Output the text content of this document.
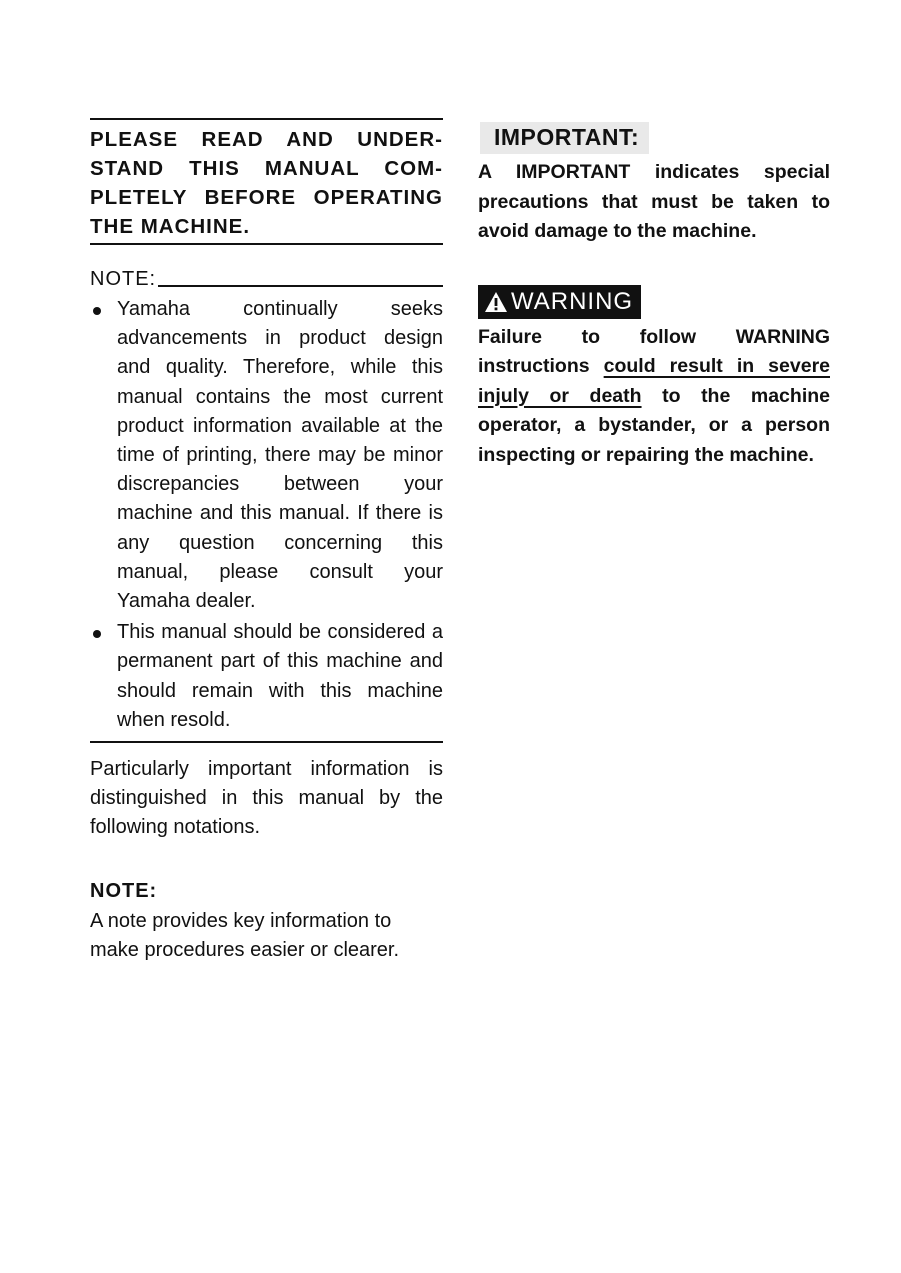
PLEASE READ AND UNDER-
STAND THIS MANUAL COM-
PLETELY BEFORE OPERATING
THE MACHINE.
NOTE:
Yamaha continually seeks advancements in product design and quality. Therefore, while this manual contains the most current product information available at the time of printing, there may be minor discrepancies between your machine and this manual. If there is any question concerning this manual, please consult your Yamaha dealer.
This manual should be considered a permanent part of this machine and should remain with this machine when resold.
Particularly important information is distinguished in this manual by the following notations.
NOTE:
A note provides key information to make procedures easier or clearer.
IMPORTANT:
A IMPORTANT indicates special precautions that must be taken to avoid damage to the machine.
WARNING
Failure to follow WARNING instructions could result in severe injuly or death to the machine operator, a bystander, or a person inspecting or repairing the machine.
